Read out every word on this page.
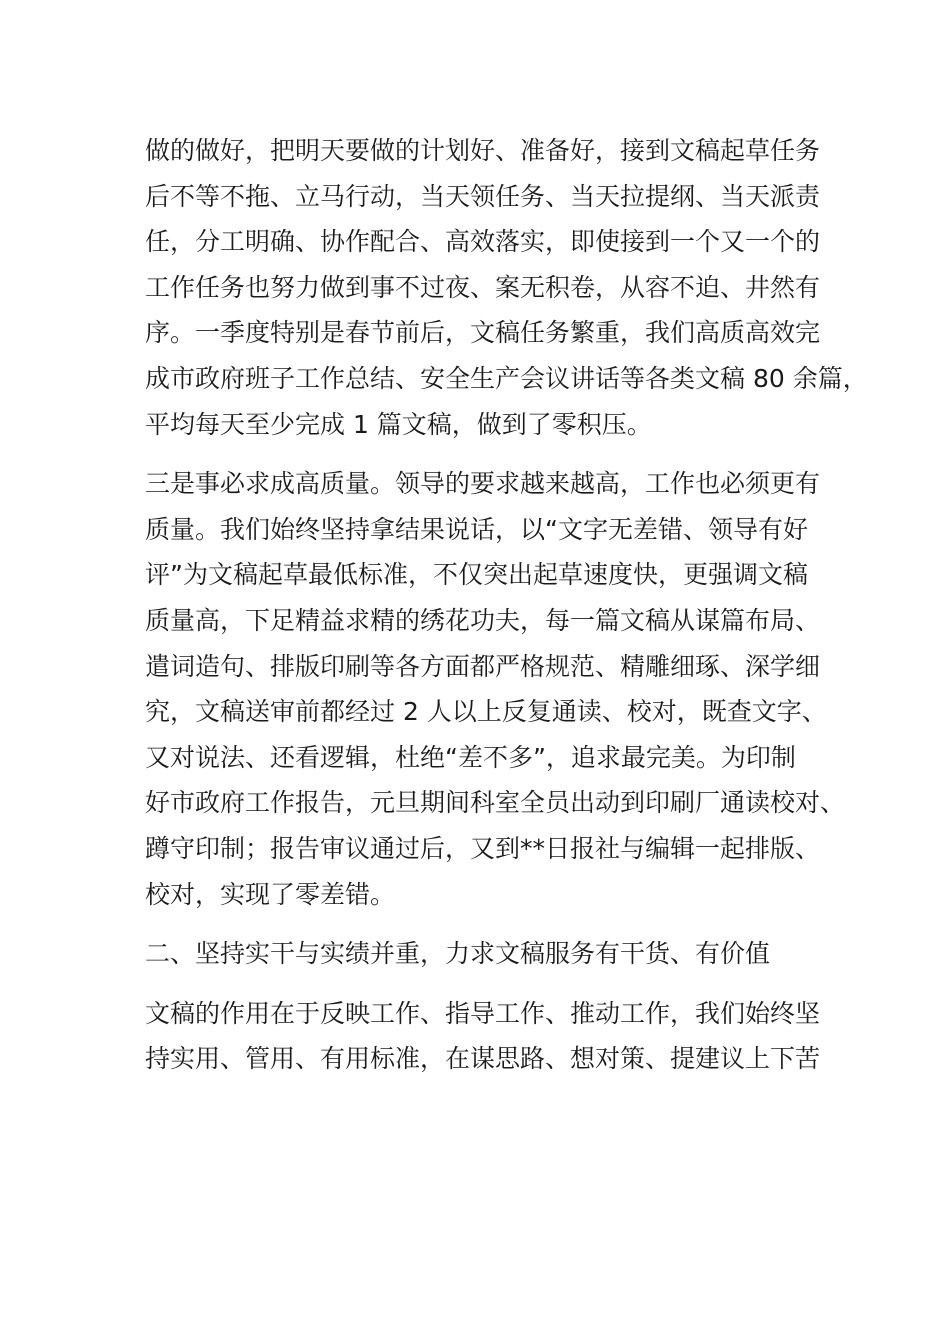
做的做好，把明天要做的计划好、准备好，接到文稿起草任务
后不等不拖、立马行动，当天领任务、当天拉提纲、当天派责
任，分工明确、协作配合、高效落实，即使接到一个又一个的
工作任务也努力做到事不过夜、案无积卷，从容不迫、井然有
序。一季度特别是春节前后，文稿任务繁重，我们高质高效完
成市政府班子工作总结、安全生产会议讲话等各类文稿 80 余篇，
平均每天至少完成 1 篇文稿，做到了零积压。
三是事必求成高质量。领导的要求越来越高，工作也必须更有
质量。我们始终坚持拿结果说话，以“文字无差错、领导有好
评”为文稿起草最低标准，不仅突出起草速度快，更强调文稿
质量高，下足精益求精的绣花功夫，每一篇文稿从谋篇布局、
遣词造句、排版印刷等各方面都严格规范、精雕细琢、深学细
究，文稿送审前都经过 2 人以上反复通读、校对，既查文字、
又对说法、还看逻辑，杜绝“差不多”，追求最完美。为印制
好市政府工作报告，元旦期间科室全员出动到印刷厂通读校对、
蹲守印制；报告审议通过后，又到**日报社与编辑一起排版、
校对，实现了零差错。
二、坚持实干与实绩并重，力求文稿服务有干货、有价值
文稿的作用在于反映工作、指导工作、推动工作，我们始终坚
持实用、管用、有用标准，在谋思路、想对策、提建议上下苦
